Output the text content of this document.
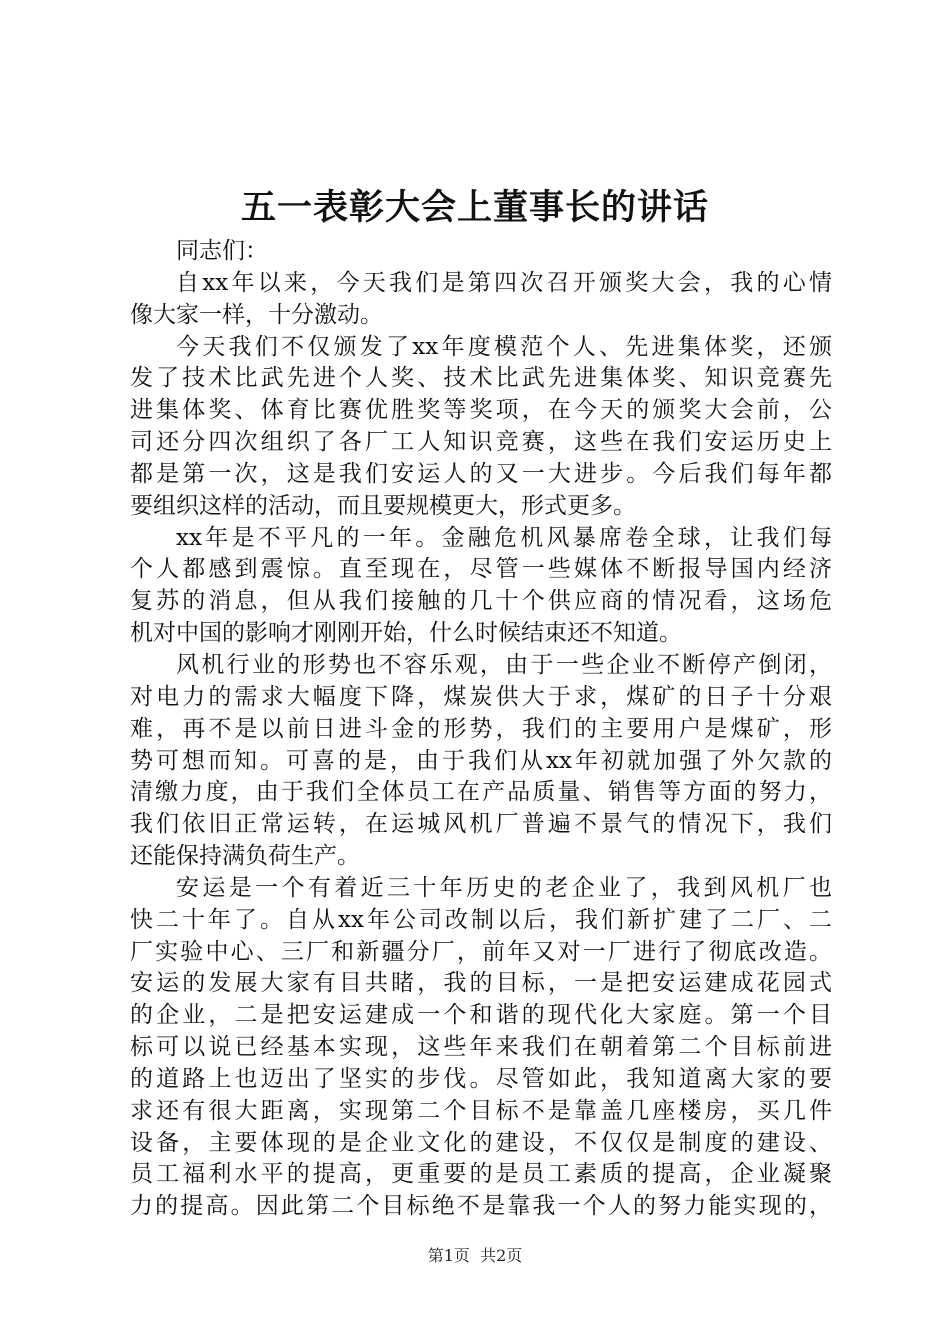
五一表彰大会上董事长的讲话
同志们：
自xx年以来，今天我们是第四次召开颁奖大会，我的心情
像大家一样，十分激动。
今天我们不仅颁发了xx年度模范个人、先进集体奖，还颁
发了技术比武先进个人奖、技术比武先进集体奖、知识竞赛先
进集体奖、体育比赛优胜奖等奖项，在今天的颁奖大会前，公
司还分四次组织了各厂工人知识竞赛，这些在我们安运历史上
都是第一次，这是我们安运人的又一大进步。今后我们每年都
要组织这样的活动，而且要规模更大，形式更多。
xx年是不平凡的一年。金融危机风暴席卷全球，让我们每
个人都感到震惊。直至现在，尽管一些媒体不断报导国内经济
复苏的消息，但从我们接触的几十个供应商的情况看，这场危
机对中国的影响才刚刚开始，什么时候结束还不知道。
风机行业的形势也不容乐观，由于一些企业不断停产倒闭，
对电力的需求大幅度下降，煤炭供大于求，煤矿的日子十分艰
难，再不是以前日进斗金的形势，我们的主要用户是煤矿，形
势可想而知。可喜的是，由于我们从xx年初就加强了外欠款的
清缴力度，由于我们全体员工在产品质量、销售等方面的努力，
我们依旧正常运转，在运城风机厂普遍不景气的情况下，我们
还能保持满负荷生产。
安运是一个有着近三十年历史的老企业了，我到风机厂也
快二十年了。自从xx年公司改制以后，我们新扩建了二厂、二
厂实验中心、三厂和新疆分厂，前年又对一厂进行了彻底改造。
安运的发展大家有目共睹，我的目标，一是把安运建成花园式
的企业，二是把安运建成一个和谐的现代化大家庭。第一个目
标可以说已经基本实现，这些年来我们在朝着第二个目标前进
的道路上也迈出了坚实的步伐。尽管如此，我知道离大家的要
求还有很大距离，实现第二个目标不是靠盖几座楼房，买几件
设备，主要体现的是企业文化的建设，不仅仅是制度的建设、
员工福利水平的提高，更重要的是员工素质的提高，企业凝聚
力的提高。因此第二个目标绝不是靠我一个人的努力能实现的，
第1页  共2页
